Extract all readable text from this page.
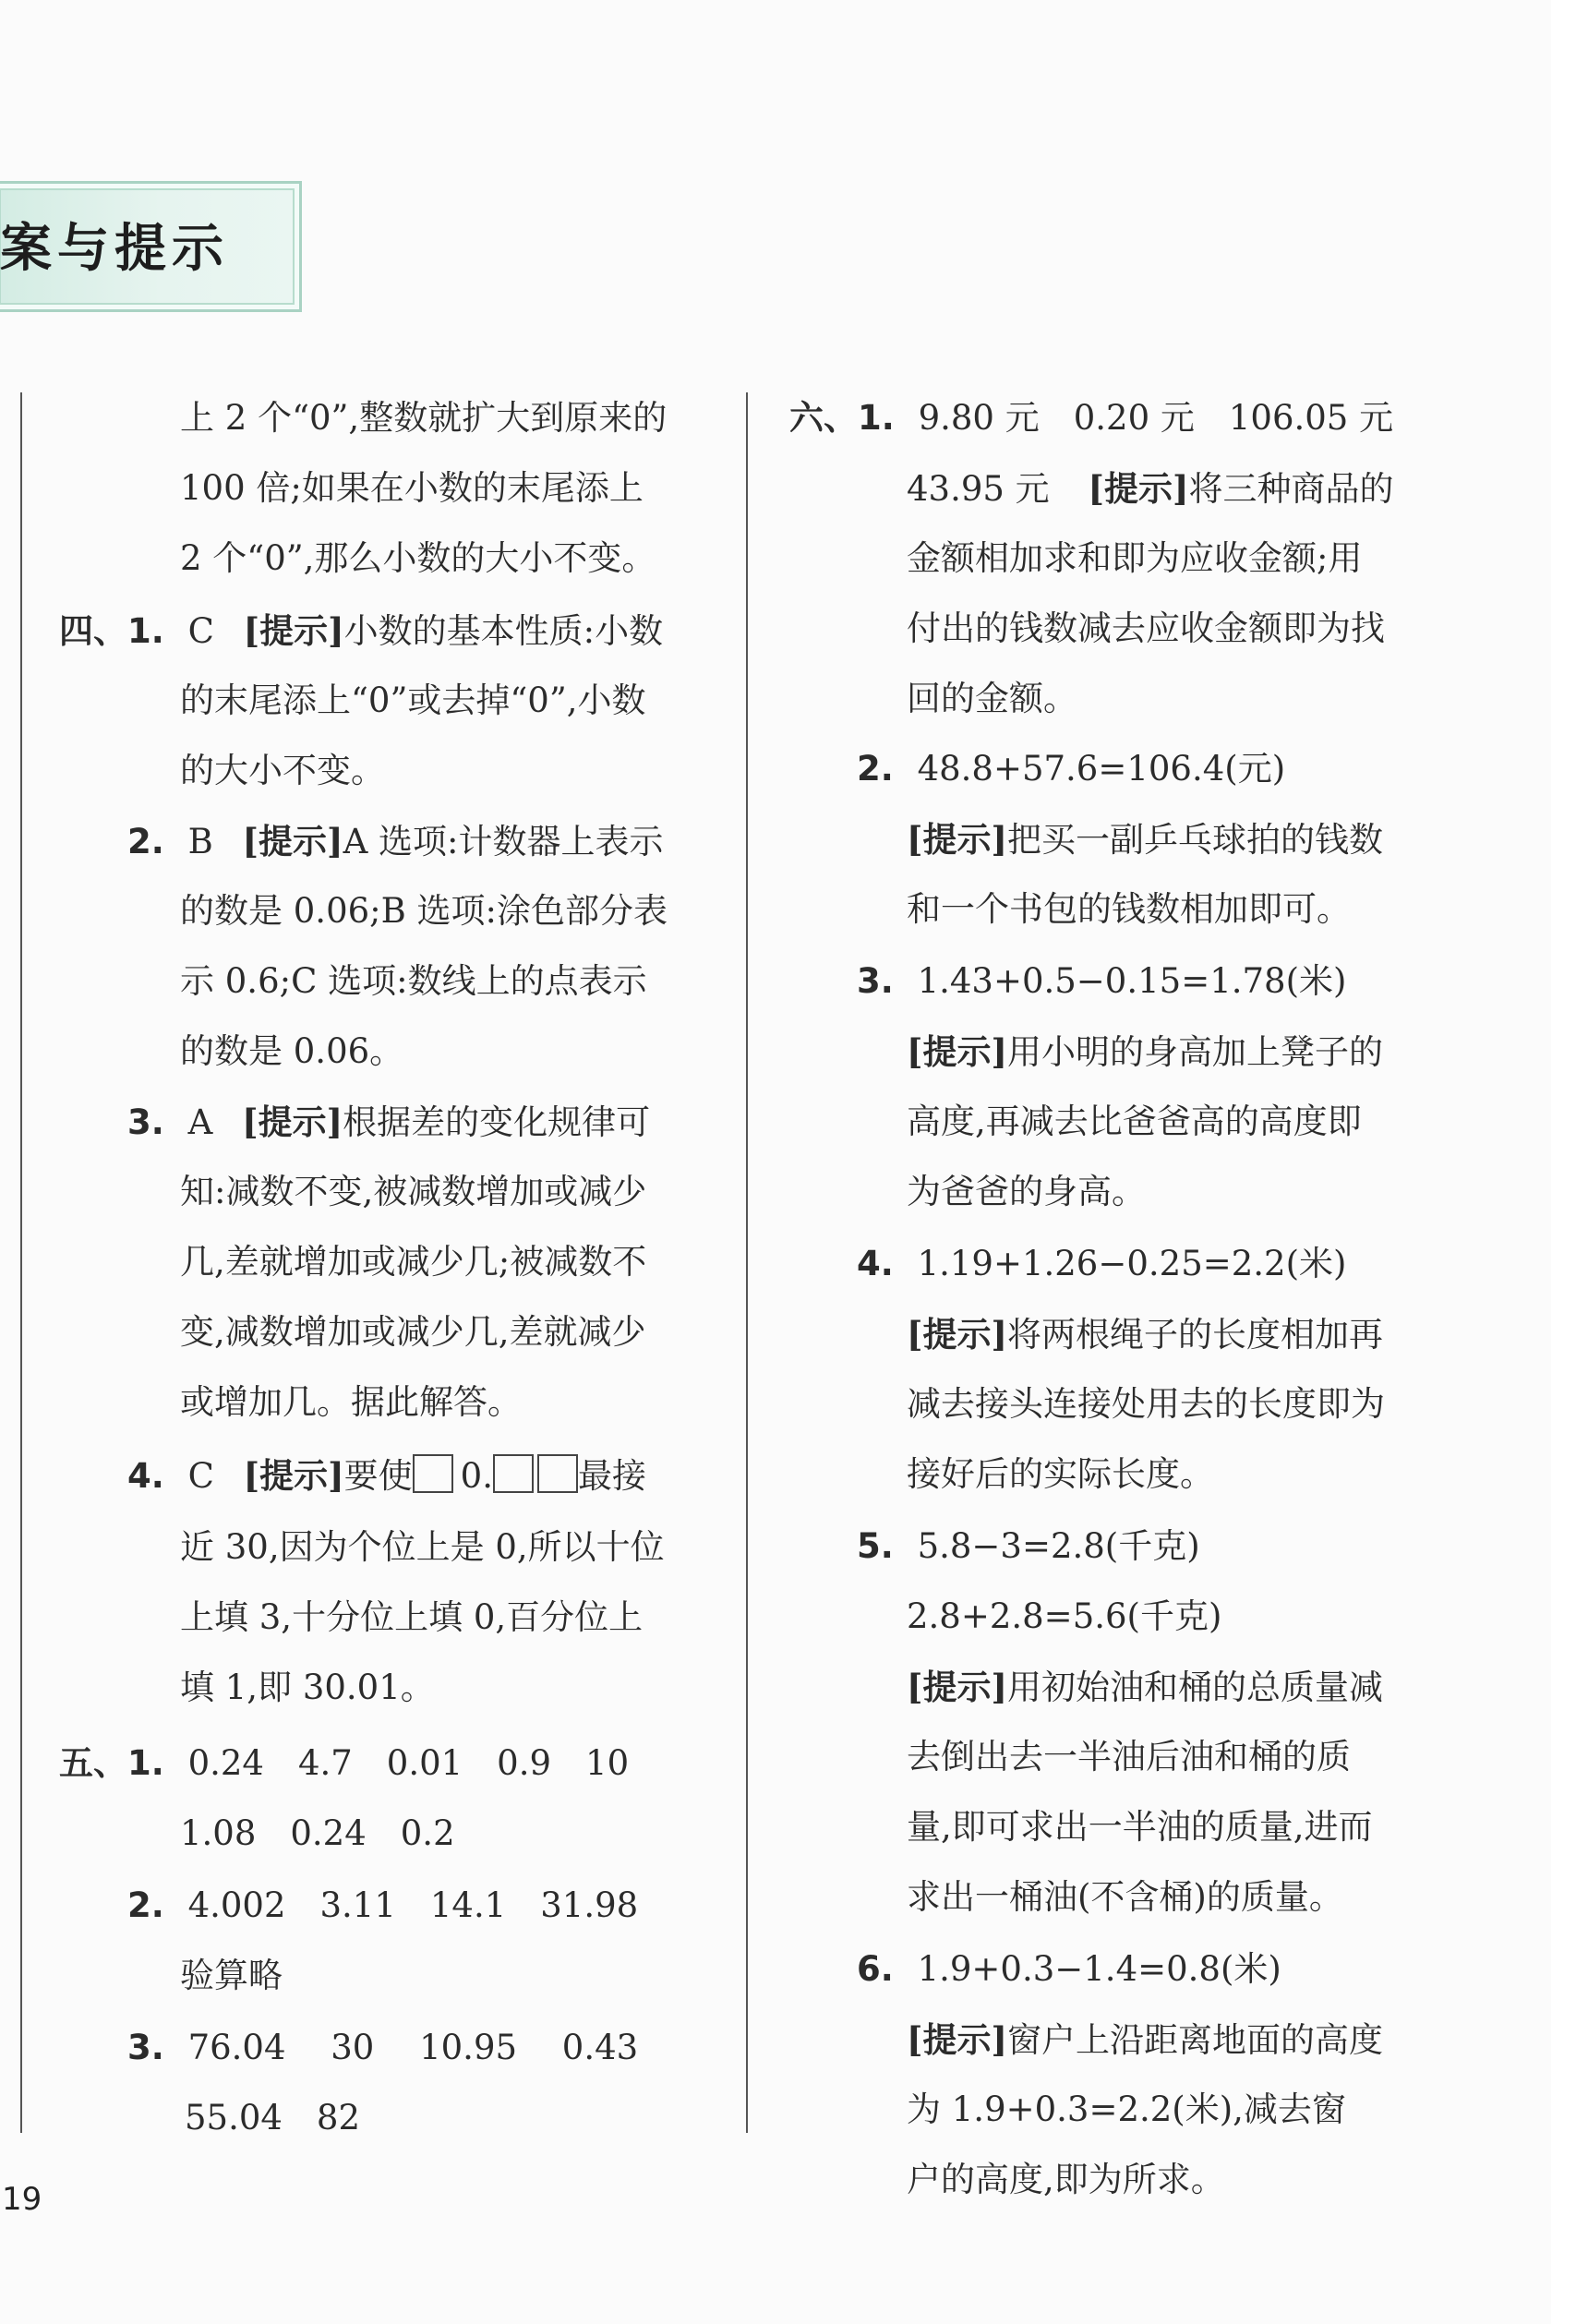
案与提示
上 2 个“0”,整数就扩大到原来的
100 倍;如果在小数的末尾添上
2 个“0”,那么小数的大小不变。
四、1. C [提示]小数的基本性质:小数
的末尾添上“0”或去掉“0”,小数
的大小不变。
2. B [提示]A 选项:计数器上表示
的数是 0.06;B 选项:涂色部分表
示 0.6;C 选项:数线上的点表示
的数是 0.06。
3. A [提示]根据差的变化规律可
知:减数不变,被减数增加或减少
几,差就增加或减少几;被减数不
变,减数增加或减少几,差就减少
或增加几。据此解答。
4. C [提示]要使 0. 最接
近 30,因为个位上是 0,所以十位
上填 3,十分位上填 0,百分位上
填 1,即 30.01。
五、1. 0.24　4.7　0.01　0.9　10
1.08　0.24　0.2
2. 4.002　3.11　14.1　31.98
验算略
3. 76.04　 30　 10.95　 0.43
55.04　82
六、1. 9.80 元　0.20 元　106.05 元
43.95 元 [提示]将三种商品的
金额相加求和即为应收金额;用
付出的钱数减去应收金额即为找
回的金额。
2. 48.8+57.6=106.4(元)
[提示]把买一副乒乓球拍的钱数
和一个书包的钱数相加即可。
3. 1.43+0.5−0.15=1.78(米)
[提示]用小明的身高加上凳子的
高度,再减去比爸爸高的高度即
为爸爸的身高。
4. 1.19+1.26−0.25=2.2(米)
[提示]将两根绳子的长度相加再
减去接头连接处用去的长度即为
接好后的实际长度。
5. 5.8−3=2.8(千克)
2.8+2.8=5.6(千克)
[提示]用初始油和桶的总质量减
去倒出去一半油后油和桶的质
量,即可求出一半油的质量,进而
求出一桶油(不含桶)的质量。
6. 1.9+0.3−1.4=0.8(米)
[提示]窗户上沿距离地面的高度
为 1.9+0.3=2.2(米),减去窗
户的高度,即为所求。
19
